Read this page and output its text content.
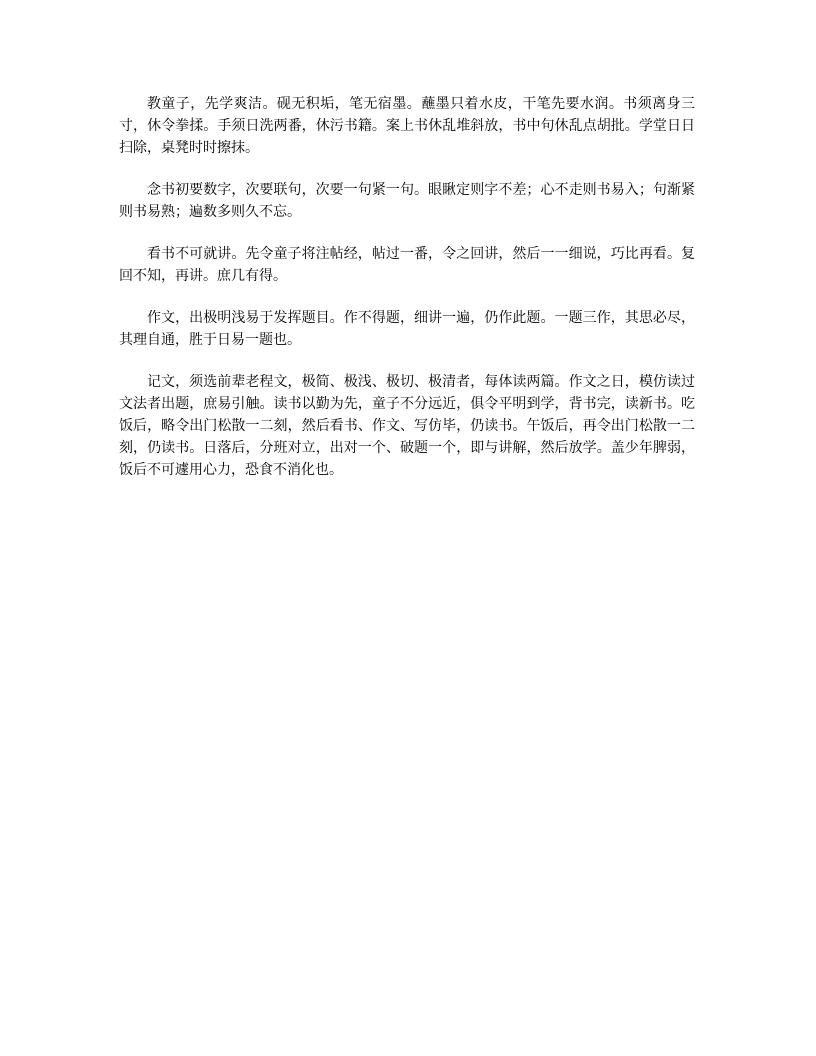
教童子，先学爽洁。砚无积垢，笔无宿墨。蘸墨只着水皮，干笔先要水润。书须离身三寸，休令拳揉。手须日洗两番，休污书籍。案上书休乱堆斜放，书中句休乱点胡批。学堂日日扫除，桌凳时时擦抹。

念书初要数字，次要联句，次要一句紧一句。眼瞅定则字不差；心不走则书易入；句渐紧则书易熟；遍数多则久不忘。

看书不可就讲。先令童子将注帖经，帖过一番，令之回讲，然后一一细说，巧比再看。复回不知，再讲。庶几有得。

作文，出极明浅易于发挥题目。作不得题，细讲一遍，仍作此题。一题三作，其思必尽，其理自通，胜于日易一题也。

记文，须选前辈老程文，极简、极浅、极切、极清者，每体读两篇。作文之日，模仿读过文法者出题，庶易引触。读书以勤为先，童子不分远近，俱令平明到学，背书完，读新书。吃饭后，略令出门松散一二刻，然后看书、作文、写仿毕，仍读书。午饭后，再令出门松散一二刻，仍读书。日落后，分班对立，出对一个、破题一个，即与讲解，然后放学。盖少年脾弱，饭后不可遽用心力，恐食不消化也。
